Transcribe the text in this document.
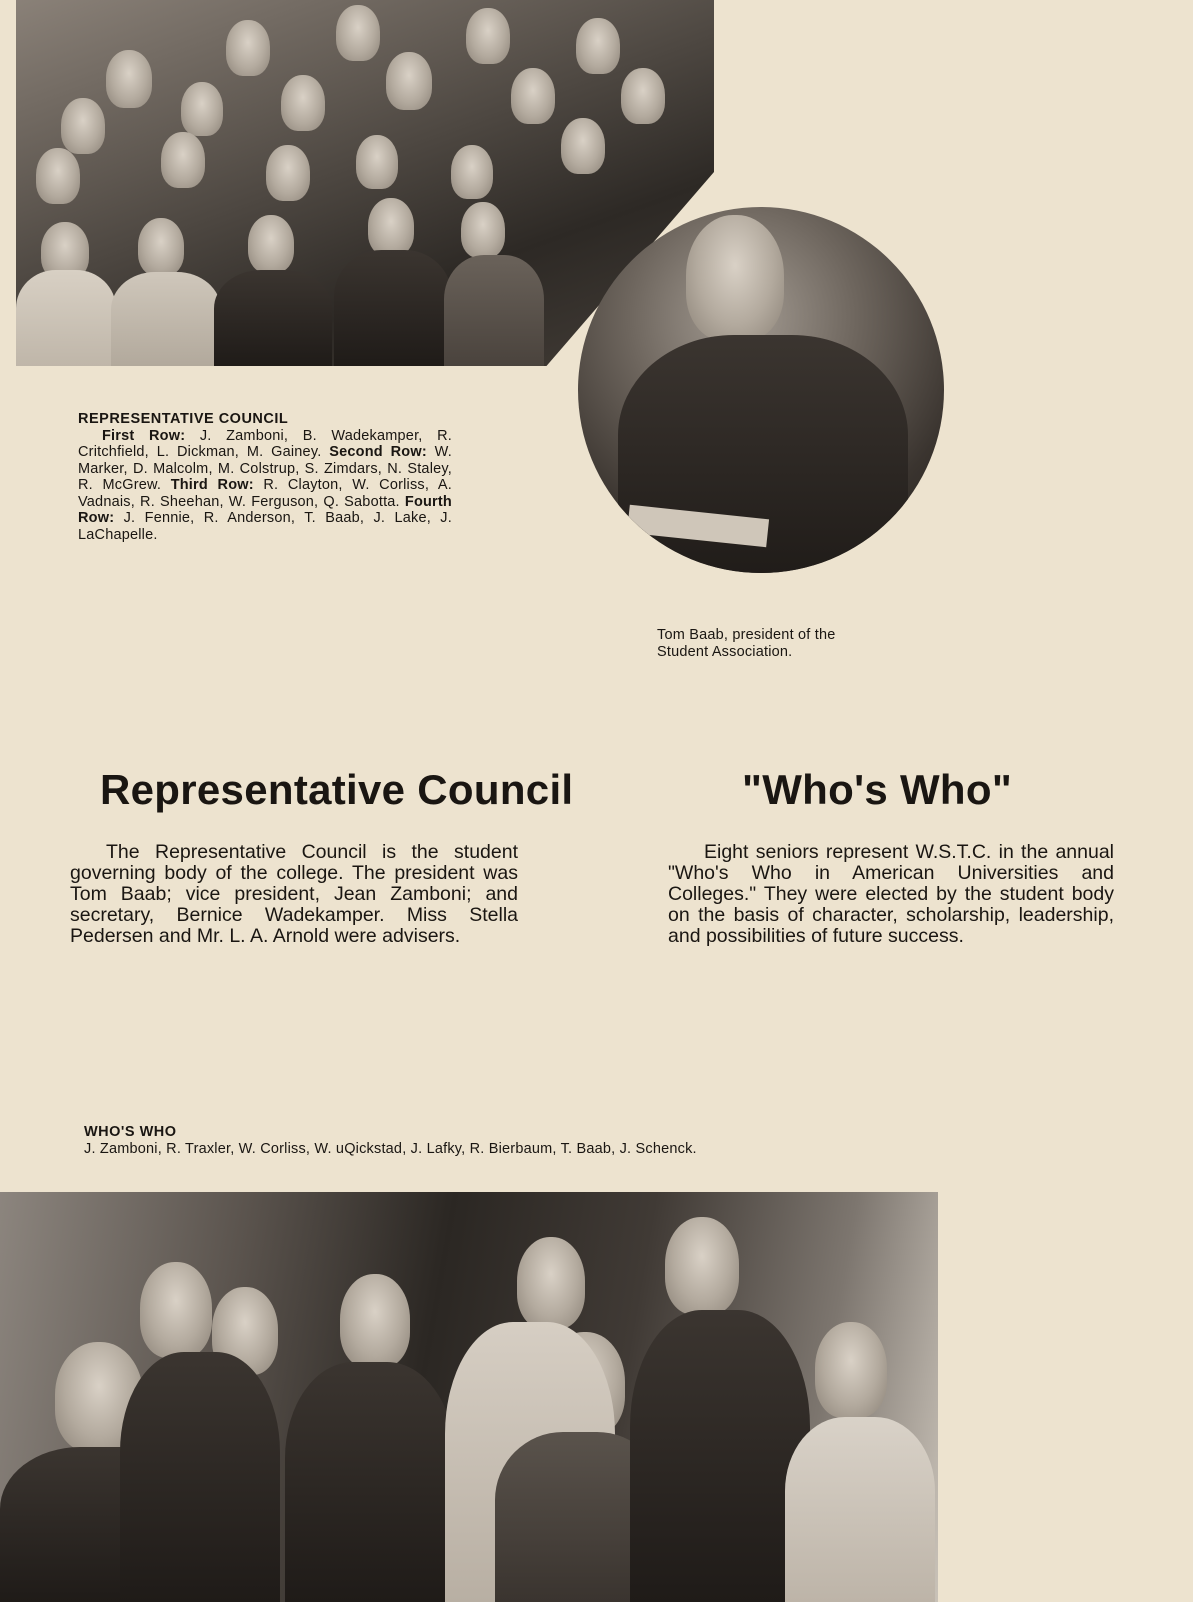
REPRESENTATIVE COUNCIL
First Row: J. Zamboni, B. Wadekamper, R. Critchfield, L. Dickman, M. Gainey. Second Row: W. Marker, D. Malcolm, M. Colstrup, S. Zimdars, N. Staley, R. McGrew. Third Row: R. Clayton, W. Corliss, A. Vadnais, R. Sheehan, W. Ferguson, Q. Sabotta. Fourth Row: J. Fennie, R. Anderson, T. Baab, J. Lake, J. LaChapelle.
Tom Baab, president of the Student Association.
Representative Council

The Representative Council is the student governing body of the college. The president was Tom Baab; vice president, Jean Zamboni; and secretary, Bernice Wadekamper. Miss Stella Pedersen and Mr. L. A. Arnold were advisers.

"Who's Who"

Eight seniors represent W.S.T.C. in the annual "Who's Who in American Universities and Colleges." They were elected by the student body on the basis of character, scholarship, leadership, and possibilities of future success.

WHO'S WHO
J. Zamboni, R. Traxler, W. Corliss, W. uQickstad, J. Lafky, R. Bierbaum, T. Baab, J. Schenck.
